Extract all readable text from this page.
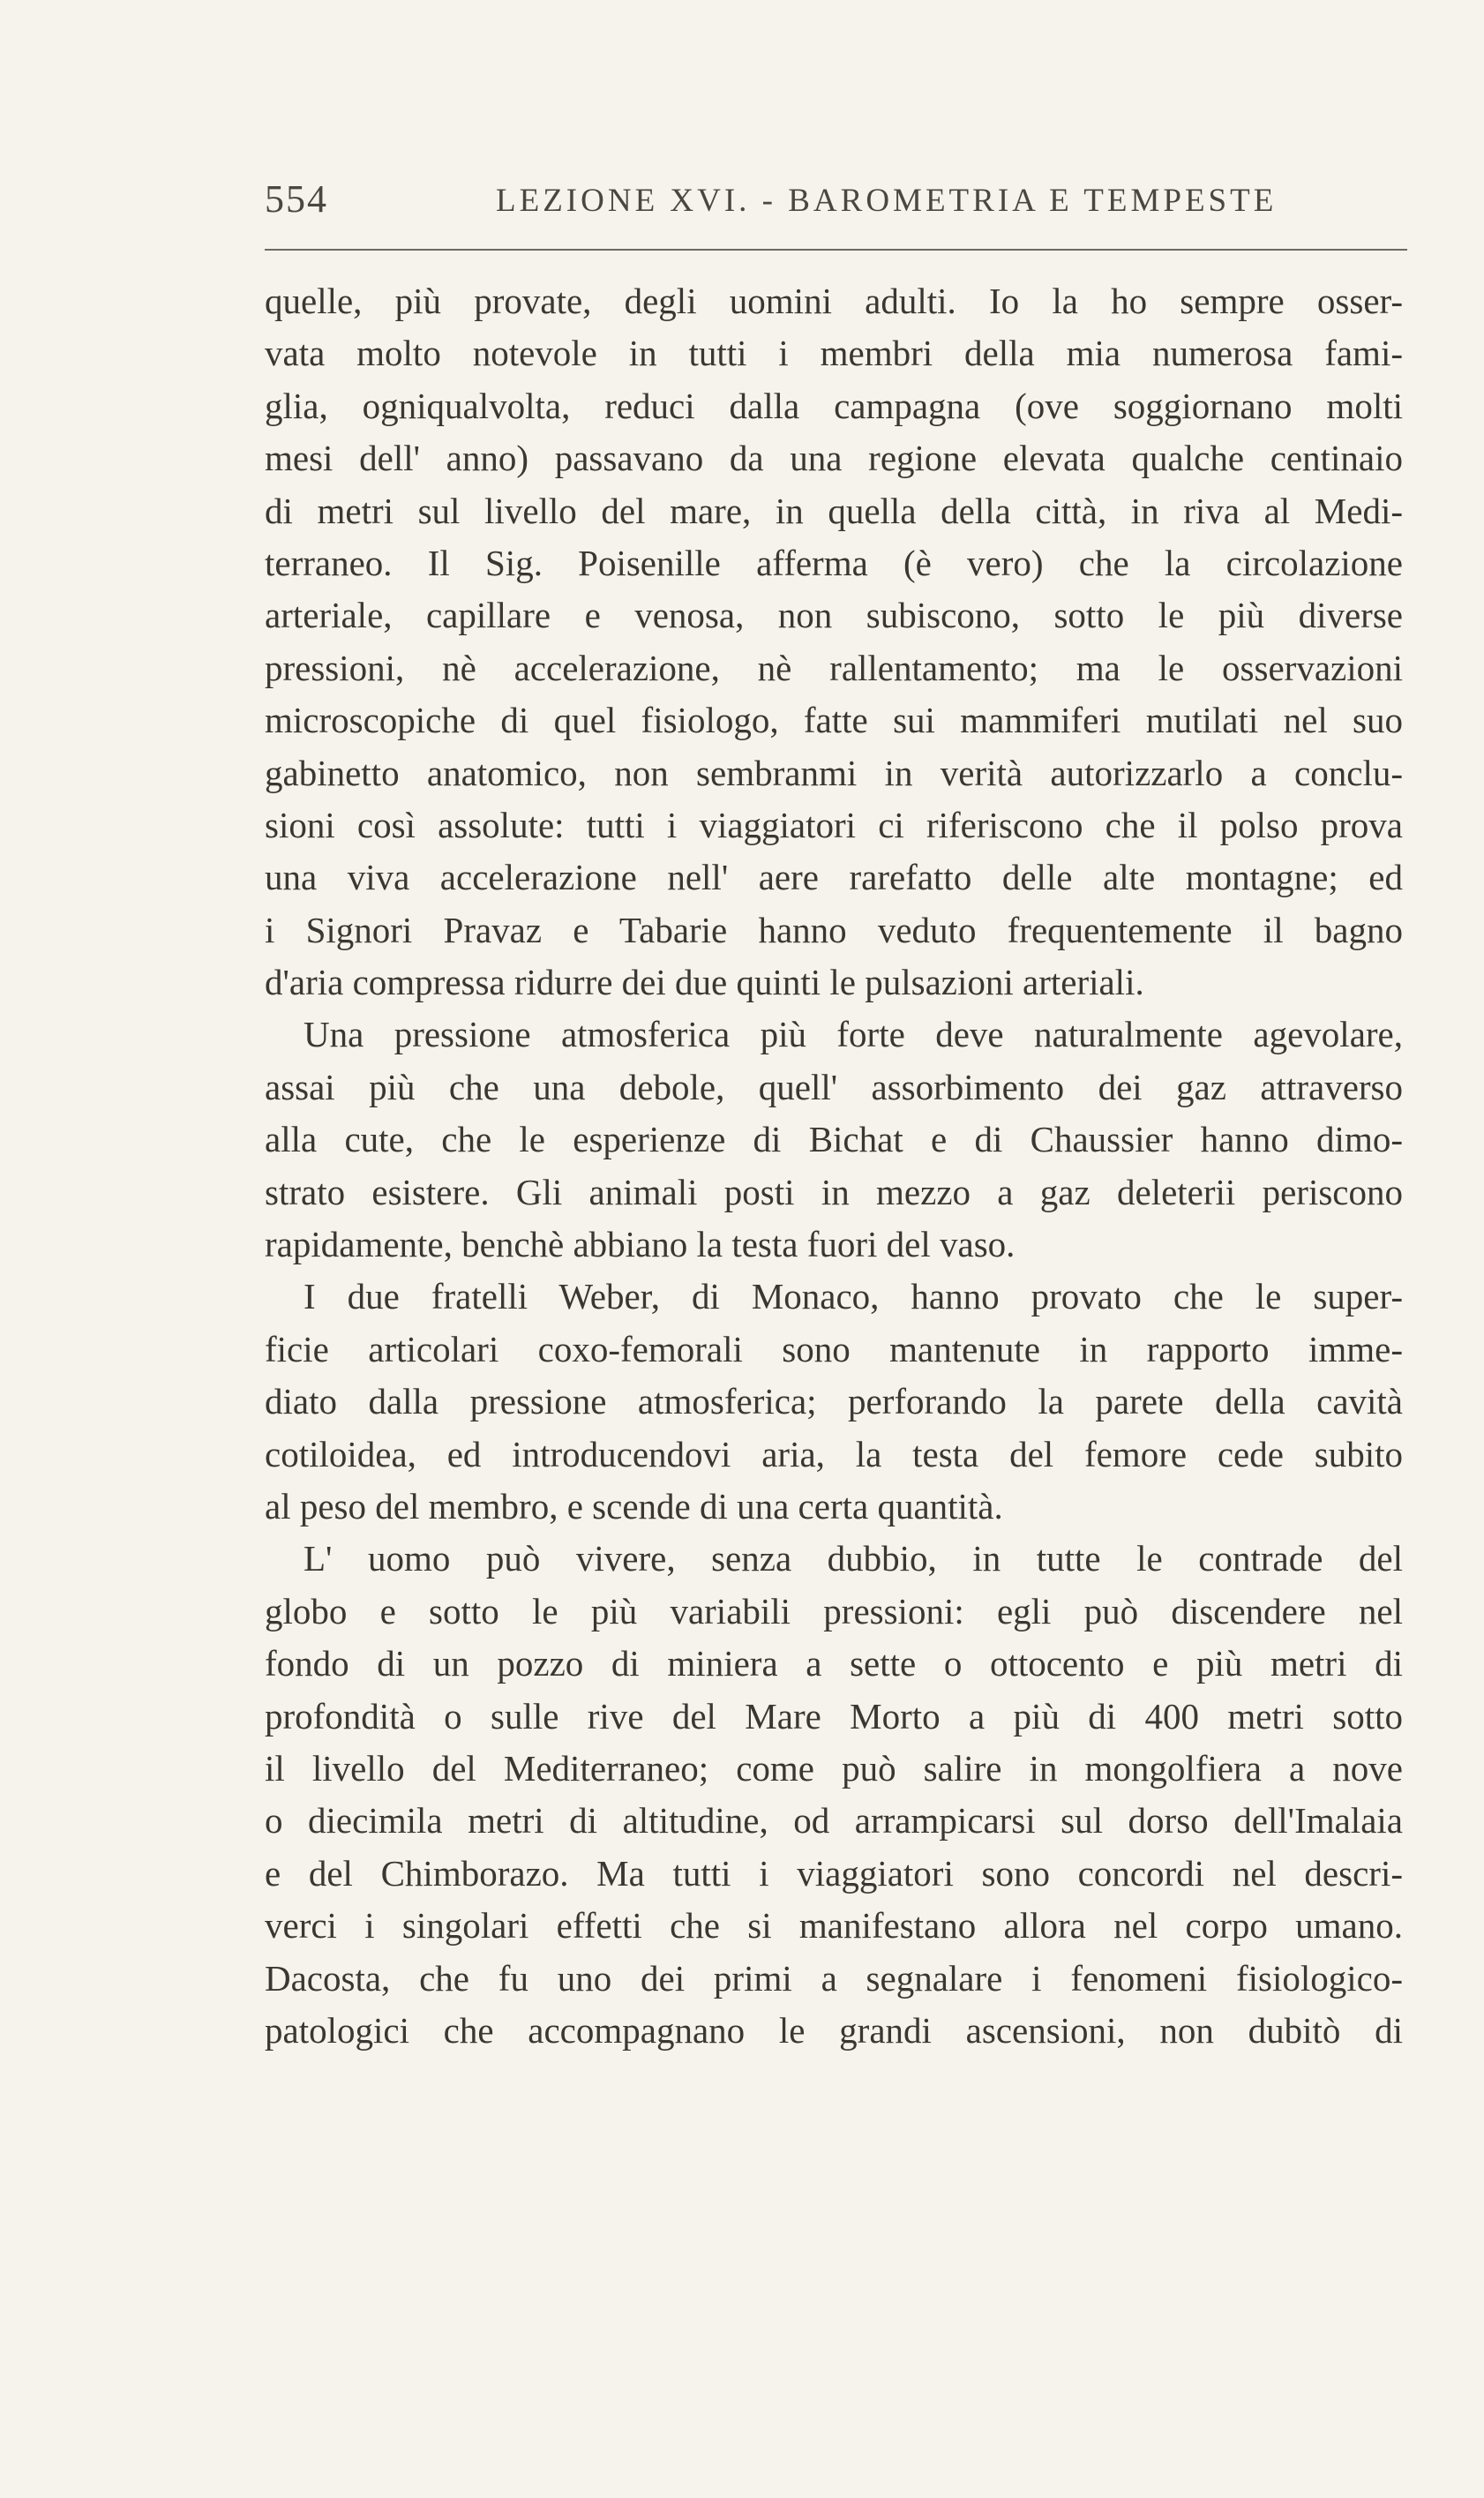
554	LEZIONE XVI. - BAROMETRIA E TEMPESTE
quelle, più provate, degli uomini adulti. Io la ho sempre osser-
vata molto notevole in tutti i membri della mia numerosa fami-
glia, ogniqualvolta, reduci dalla campagna (ove soggiornano molti
mesi dell' anno) passavano da una regione elevata qualche centinaio
di metri sul livello del mare, in quella della città, in riva al Medi-
terraneo. Il Sig. Poisenille afferma (è vero) che la circolazione
arteriale, capillare e venosa, non subiscono, sotto le più diverse
pressioni, nè accelerazione, nè rallentamento; ma le osservazioni
microscopiche di quel fisiologo, fatte sui mammiferi mutilati nel suo
gabinetto anatomico, non sembranmi in verità autorizzarlo a conclu-
sioni così assolute: tutti i viaggiatori ci riferiscono che il polso prova
una viva accelerazione nell' aere rarefatto delle alte montagne; ed
i Signori Pravaz e Tabarie hanno veduto frequentemente il bagno
d'aria compressa ridurre dei due quinti le pulsazioni arteriali.
Una pressione atmosferica più forte deve naturalmente agevolare,
assai più che una debole, quell' assorbimento dei gaz attraverso
alla cute, che le esperienze di Bichat e di Chaussier hanno dimo-
strato esistere. Gli animali posti in mezzo a gaz deleterii periscono
rapidamente, benchè abbiano la testa fuori del vaso.
I due fratelli Weber, di Monaco, hanno provato che le super-
ficie articolari coxo-femorali sono mantenute in rapporto imme-
diato dalla pressione atmosferica; perforando la parete della cavità
cotiloidea, ed introducendovi aria, la testa del femore cede subito
al peso del membro, e scende di una certa quantità.
L' uomo può vivere, senza dubbio, in tutte le contrade del
globo e sotto le più variabili pressioni: egli può discendere nel
fondo di un pozzo di miniera a sette o ottocento e più metri di
profondità o sulle rive del Mare Morto a più di 400 metri sotto
il livello del Mediterraneo; come può salire in mongolfiera a nove
o diecimila metri di altitudine, od arrampicarsi sul dorso dell'Imalaia
e del Chimborazo. Ma tutti i viaggiatori sono concordi nel descri-
verci i singolari effetti che si manifestano allora nel corpo umano.
Dacosta, che fu uno dei primi a segnalare i fenomeni fisiologico-
patologici che accompagnano le grandi ascensioni, non dubitò di
